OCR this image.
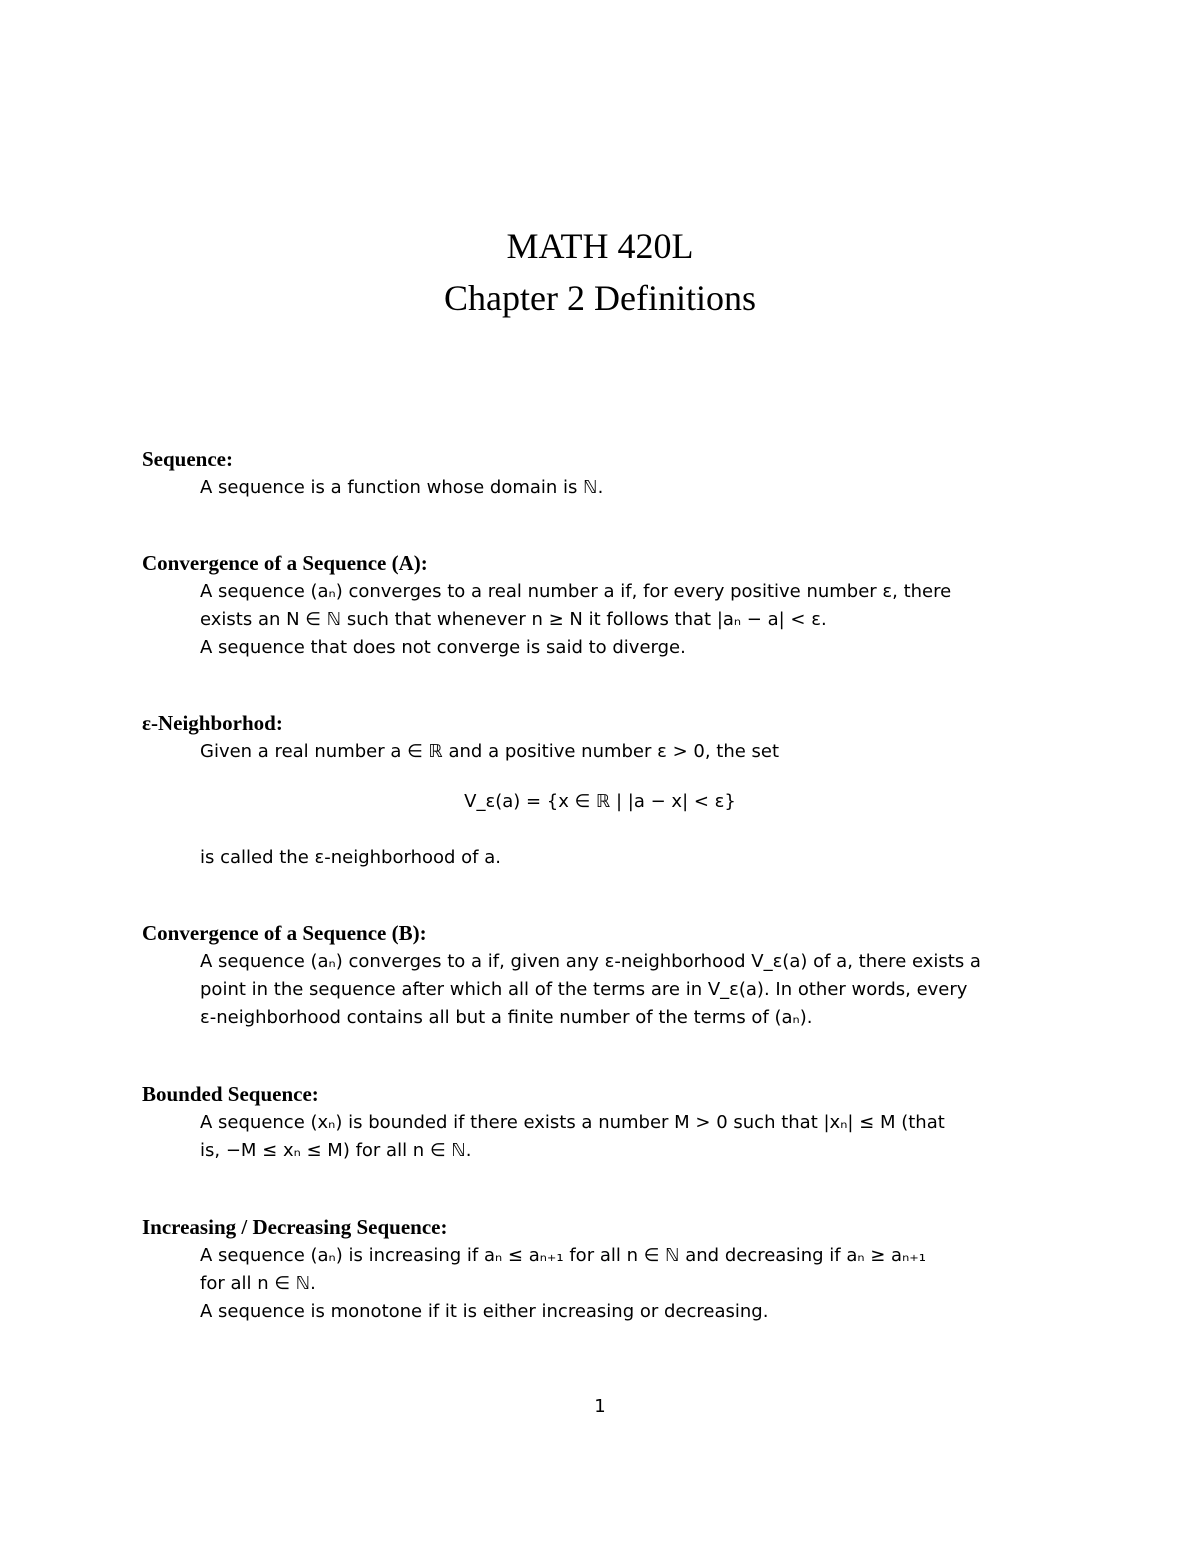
MATH 420L
Chapter 2 Definitions
Sequence:
A sequence is a function whose domain is ℕ.
Convergence of a Sequence (A):
A sequence (aₙ) converges to a real number a if, for every positive number ε, there
exists an N ∈ ℕ such that whenever n ≥ N it follows that |aₙ − a| < ε.
A sequence that does not converge is said to diverge.
ε-Neighborhod:
Given a real number a ∈ ℝ and a positive number ε > 0, the set
V_ε(a) = {x ∈ ℝ | |a − x| < ε}
is called the ε-neighborhood of a.
Convergence of a Sequence (B):
A sequence (aₙ) converges to a if, given any ε-neighborhood V_ε(a) of a, there exists a
point in the sequence after which all of the terms are in V_ε(a). In other words, every
ε-neighborhood contains all but a finite number of the terms of (aₙ).
Bounded Sequence:
A sequence (xₙ) is bounded if there exists a number M > 0 such that |xₙ| ≤ M (that
is, −M ≤ xₙ ≤ M) for all n ∈ ℕ.
Increasing / Decreasing Sequence:
A sequence (aₙ) is increasing if aₙ ≤ aₙ₊₁ for all n ∈ ℕ and decreasing if aₙ ≥ aₙ₊₁
for all n ∈ ℕ.
A sequence is monotone if it is either increasing or decreasing.
1
